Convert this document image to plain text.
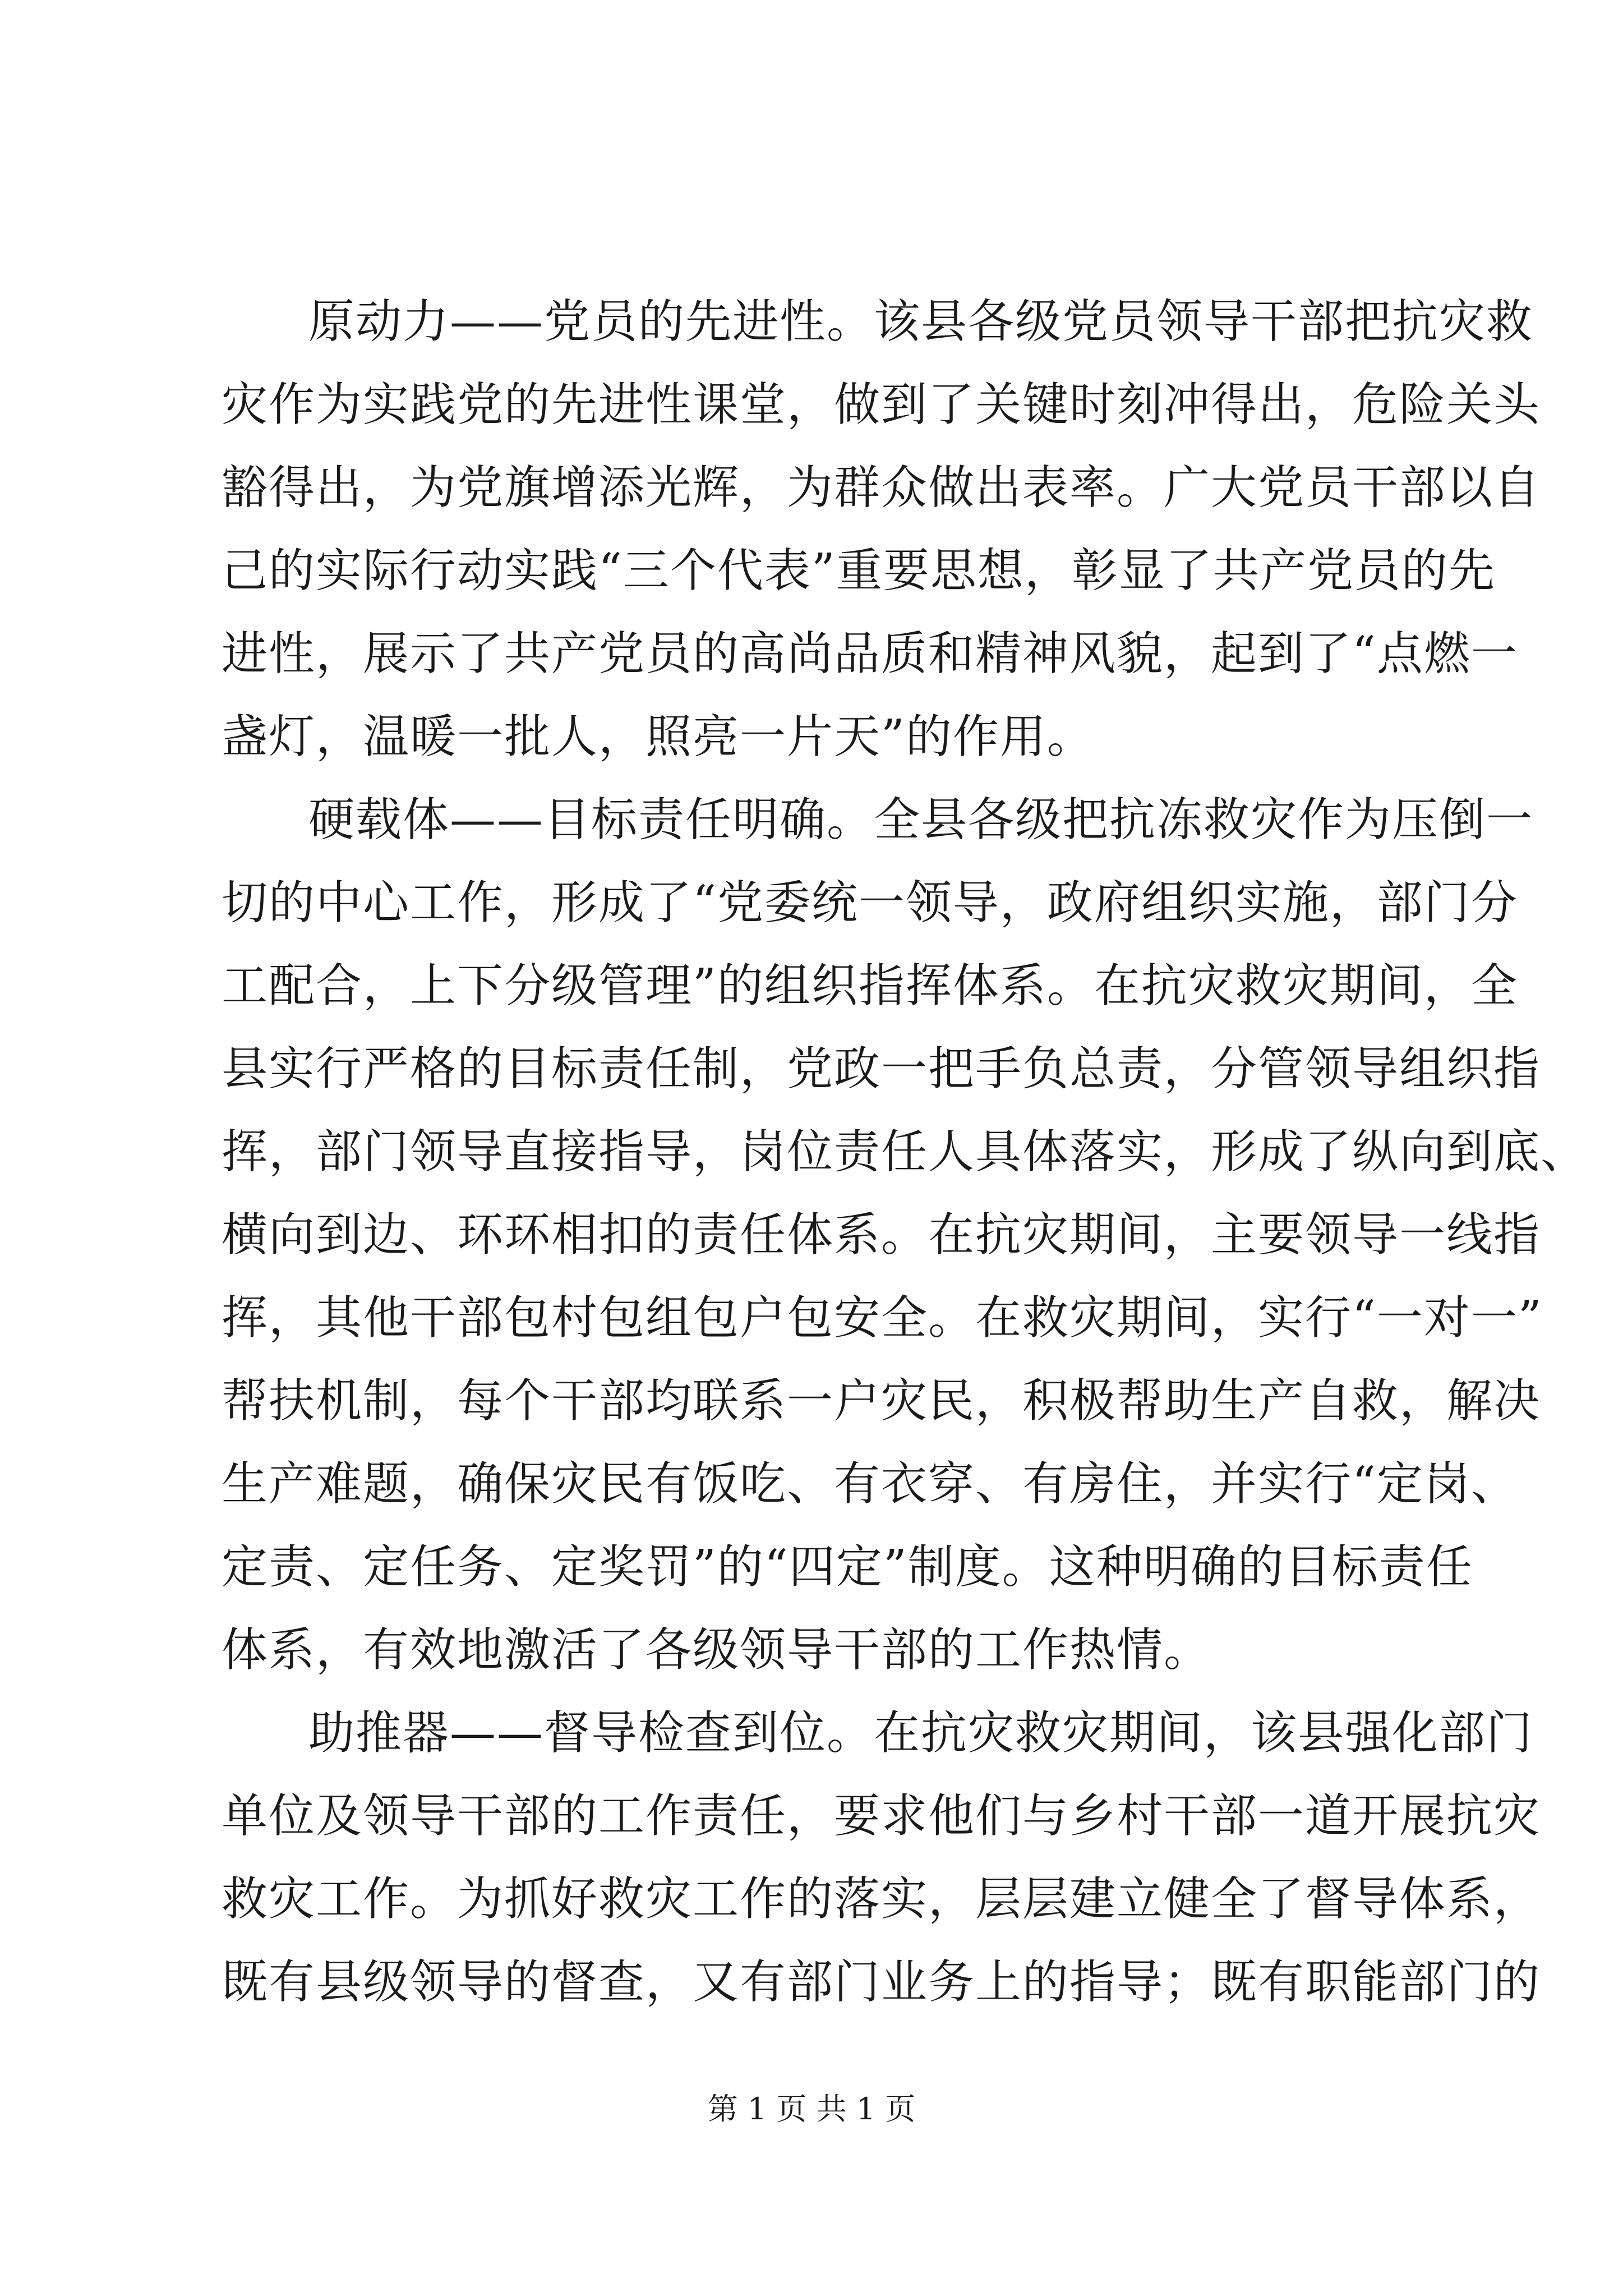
原动力——党员的先进性。该县各级党员领导干部把抗灾救
灾作为实践党的先进性课堂，做到了关键时刻冲得出，危险关头
豁得出，为党旗增添光辉，为群众做出表率。广大党员干部以自
己的实际行动实践“三个代表”重要思想，彰显了共产党员的先
进性，展示了共产党员的高尚品质和精神风貌，起到了“点燃一
盏灯，温暖一批人，照亮一片天”的作用。
硬载体——目标责任明确。全县各级把抗冻救灾作为压倒一
切的中心工作，形成了“党委统一领导，政府组织实施，部门分
工配合，上下分级管理”的组织指挥体系。在抗灾救灾期间，全
县实行严格的目标责任制，党政一把手负总责，分管领导组织指
挥，部门领导直接指导，岗位责任人具体落实，形成了纵向到底、
横向到边、环环相扣的责任体系。在抗灾期间，主要领导一线指
挥，其他干部包村包组包户包安全。在救灾期间，实行“一对一”
帮扶机制，每个干部均联系一户灾民，积极帮助生产自救，解决
生产难题，确保灾民有饭吃、有衣穿、有房住，并实行“定岗、
定责、定任务、定奖罚”的“四定”制度。这种明确的目标责任
体系，有效地激活了各级领导干部的工作热情。
助推器——督导检查到位。在抗灾救灾期间，该县强化部门
单位及领导干部的工作责任，要求他们与乡村干部一道开展抗灾
救灾工作。为抓好救灾工作的落实，层层建立健全了督导体系，
既有县级领导的督查，又有部门业务上的指导；既有职能部门的
第 1 页 共 1 页
